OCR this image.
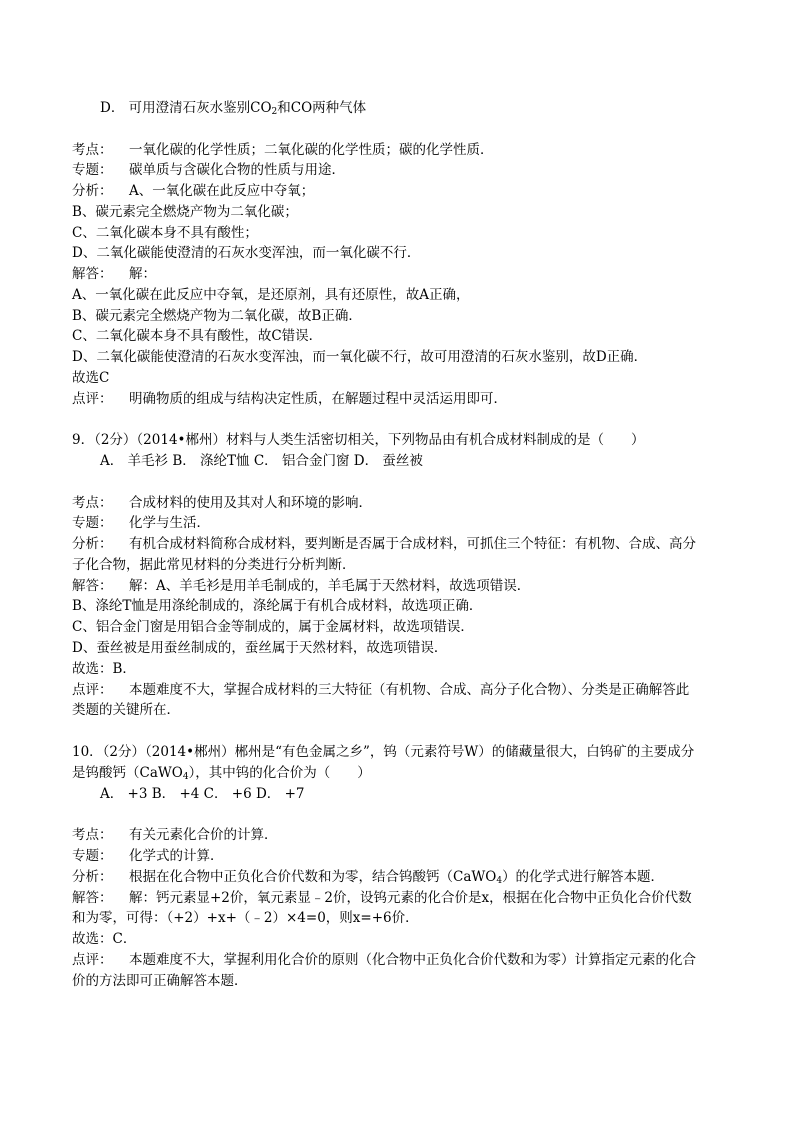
D． 可用澄清石灰水鉴别$CO_2$和CO两种气体
考点： 一氧化碳的化学性质；二氧化碳的化学性质；碳的化学性质．
专题： 碳单质与含碳化合物的性质与用途．
分析： A、一氧化碳在此反应中夺氧；
B、碳元素完全燃烧产物为二氧化碳；
C、二氧化碳本身不具有酸性；
D、二氧化碳能使澄清的石灰水变浑浊，而一氧化碳不行．
解答： 解：
A、一氧化碳在此反应中夺氧，是还原剂，具有还原性，故A正确，
B、碳元素完全燃烧产物为二氧化碳，故B正确．
C、二氧化碳本身不具有酸性，故C错误．
D、二氧化碳能使澄清的石灰水变浑浊，而一氧化碳不行，故可用澄清的石灰水鉴别，故D正确．
故选C
点评： 明确物质的组成与结构决定性质，在解题过程中灵活运用即可．
9．（2分）（2014•郴州）材料与人类生活密切相关，下列物品由有机合成材料制成的是（　　）
A． 羊毛衫 B． 涤纶T恤 C． 铝合金门窗 D． 蚕丝被
考点： 合成材料的使用及其对人和环境的影响．
专题： 化学与生活．
分析： 有机合成材料简称合成材料，要判断是否属于合成材料，可抓住三个特征：有机物、合成、高分
子化合物，据此常见材料的分类进行分析判断．
解答： 解：A、羊毛衫是用羊毛制成的，羊毛属于天然材料，故选项错误．
B、涤纶T恤是用涤纶制成的，涤纶属于有机合成材料，故选项正确．
C、铝合金门窗是用铝合金等制成的，属于金属材料，故选项错误．
D、蚕丝被是用蚕丝制成的，蚕丝属于天然材料，故选项错误．
故选：B．
点评： 本题难度不大，掌握合成材料的三大特征（有机物、合成、高分子化合物）、分类是正确解答此
类题的关键所在．
10．（2分）（2014•郴州）郴州是“有色金属之乡”，钨（元素符号W）的储藏量很大，白钨矿的主要成分
是钨酸钙（CaWO$_4$），其中钨的化合价为（　　）
A． +3 B． +4 C． +6 D． +7
考点： 有关元素化合价的计算．
专题： 化学式的计算．
分析： 根据在化合物中正负化合价代数和为零，结合钨酸钙（CaWO$_4$）的化学式进行解答本题．
解答： 解：钙元素显+2价，氧元素显﹣2价，设钨元素的化合价是x，根据在化合物中正负化合价代数
和为零，可得：（+2）+x+（﹣2）×4=0，则x=+6价．
故选：C．
点评： 本题难度不大，掌握利用化合价的原则（化合物中正负化合价代数和为零）计算指定元素的化合
价的方法即可正确解答本题．
